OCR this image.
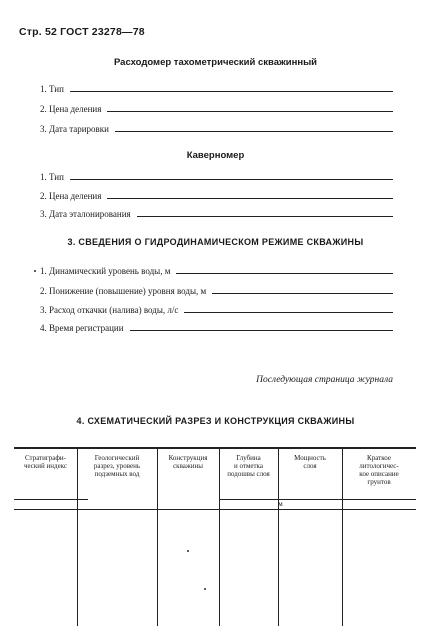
Стр. 52 ГОСТ 23278—78
Расходомер тахометрический скважинный
1. Тип
2. Цена деления
3. Дата тарировки
Каверномер
1. Тип
2. Цена деления
3. Дата эталонирования
3. СВЕДЕНИЯ О ГИДРОДИНАМИЧЕСКОМ РЕЖИМЕ СКВАЖИНЫ
1. Динамический уровень воды, м
2. Понижение (повышение) уровня воды, м
3. Расход откачки (налива) воды, л/с
4. Время регистрации
Последующая страница журнала
4. СХЕМАТИЧЕСКИЙ РАЗРЕЗ И КОНСТРУКЦИЯ СКВАЖИНЫ
Стратиграфи-
ческий индекс
Геологический
разрез, уровень
подземных вод
Конструкция
скважины
Глубина
и отметка
подошвы слоя
Мощность
слоя
Краткое
литологичес-
кое описание
грунтов
м
